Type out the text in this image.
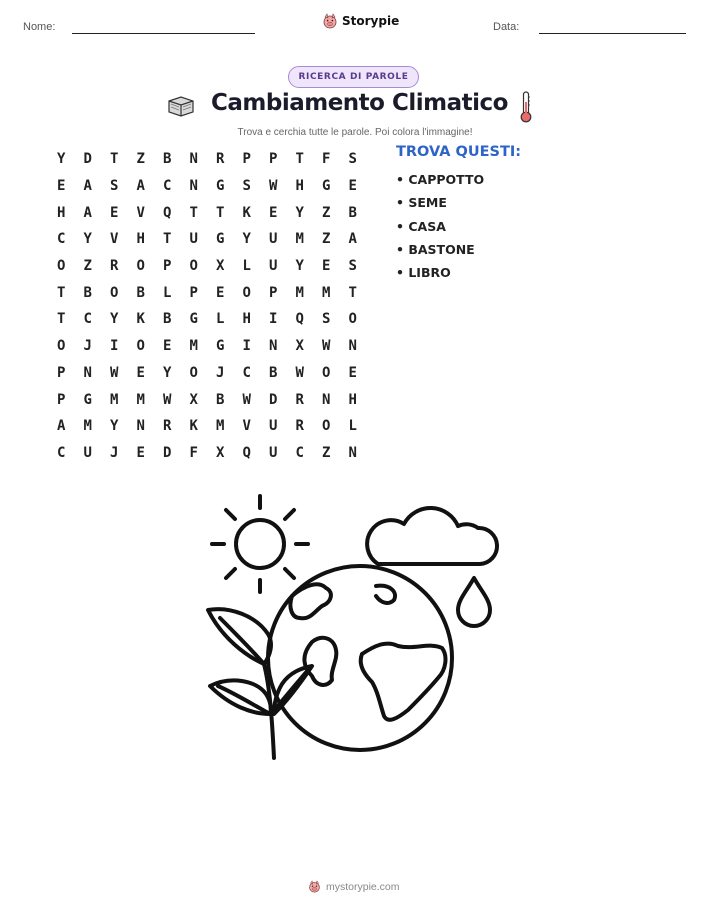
Nome:	Storypie	Data:
RICERCA DI PAROLE
Cambiamento Climatico
Trova e cerchia tutte le parole. Poi colora l'immagine!
Y	D	T	Z	B	N	R	P	P	T	F	S
E	A	S	A	C	N	G	S	W	H	G	E
H	A	E	V	Q	T	T	K	E	Y	Z	B
C	Y	V	H	T	U	G	Y	U	M	Z	A
O	Z	R	O	P	O	X	L	U	Y	E	S
T	B	O	B	L	P	E	O	P	M	M	T
T	C	Y	K	B	G	L	H	I	Q	S	O
O	J	I	O	E	M	G	I	N	X	W	N
P	N	W	E	Y	O	J	C	B	W	O	E
P	G	M	M	W	X	B	W	D	R	N	H
A	M	Y	N	R	K	M	V	U	R	O	L
C	U	J	E	D	F	X	Q	U	C	Z	N
TROVA QUESTI:
• CAPPOTTO
• SEME
• CASA
• BASTONE
• LIBRO
mystorypie.com
